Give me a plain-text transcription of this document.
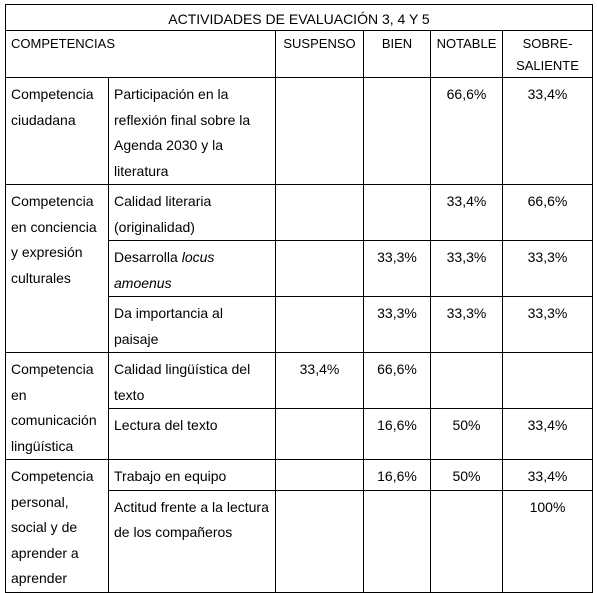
ACTIVIDADES DE EVALUACIÓN 3, 4 Y 5					
COMPETENCIAS		SUSPENSO	BIEN	NOTABLE	SOBRE-
SALIENTE
Competencia ciudadana	Participación en la reflexión final sobre la Agenda 2030 y la literatura			66,6%	33,4%
Competencia en conciencia y expresión culturales	Calidad literaria (originalidad)			33,4%	66,6%
	Desarrolla locus amoenus		33,3%	33,3%	33,3%
	Da importancia al paisaje		33,3%	33,3%	33,3%
Competencia en comunicación lingüística	Calidad lingüística del texto	33,4%	66,6%		
	Lectura del texto		16,6%	50%	33,4%
Competencia personal, social y de aprender a aprender	Trabajo en equipo		16,6%	50%	33,4%
	Actitud frente a la lectura de los compañeros				100%
